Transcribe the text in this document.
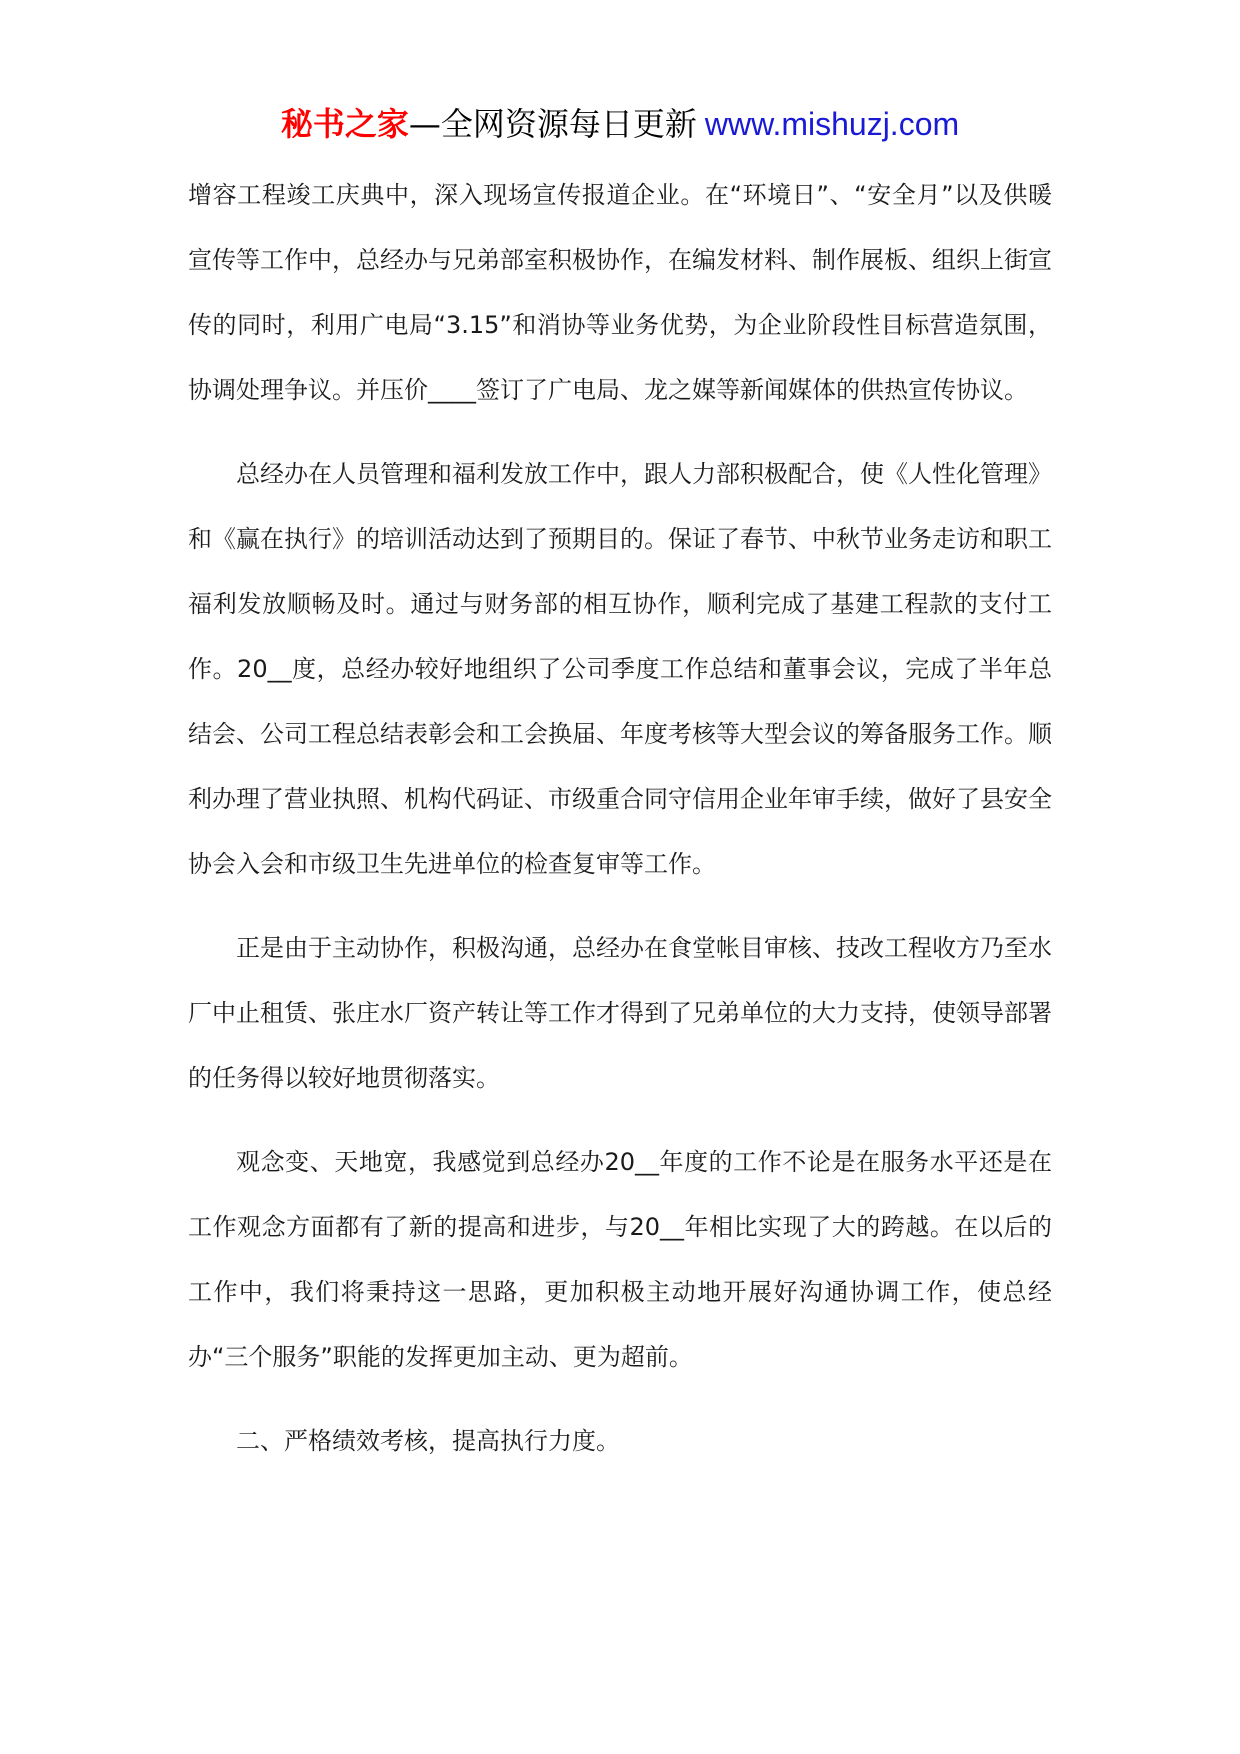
秘书之家—全网资源每日更新 www.mishuzj.com

增容工程竣工庆典中，深入现场宣传报道企业。在“环境日”、“安全月”以及供暖宣传等工作中，总经办与兄弟部室积极协作，在编发材料、制作展板、组织上街宣传的同时，利用广电局“3.15”和消协等业务优势，为企业阶段性目标营造氛围，协调处理争议。并压价____签订了广电局、龙之媒等新闻媒体的供热宣传协议。

总经办在人员管理和福利发放工作中，跟人力部积极配合，使《人性化管理》和《赢在执行》的培训活动达到了预期目的。保证了春节、中秋节业务走访和职工福利发放顺畅及时。通过与财务部的相互协作，顺利完成了基建工程款的支付工作。20__度，总经办较好地组织了公司季度工作总结和董事会议，完成了半年总结会、公司工程总结表彰会和工会换届、年度考核等大型会议的筹备服务工作。顺利办理了营业执照、机构代码证、市级重合同守信用企业年审手续，做好了县安全协会入会和市级卫生先进单位的检查复审等工作。

正是由于主动协作，积极沟通，总经办在食堂帐目审核、技改工程收方乃至水厂中止租赁、张庄水厂资产转让等工作才得到了兄弟单位的大力支持，使领导部署的任务得以较好地贯彻落实。

观念变、天地宽，我感觉到总经办20__年度的工作不论是在服务水平还是在工作观念方面都有了新的提高和进步，与20__年相比实现了大的跨越。在以后的工作中，我们将秉持这一思路，更加积极主动地开展好沟通协调工作，使总经办“三个服务”职能的发挥更加主动、更为超前。

二、严格绩效考核，提高执行力度。
